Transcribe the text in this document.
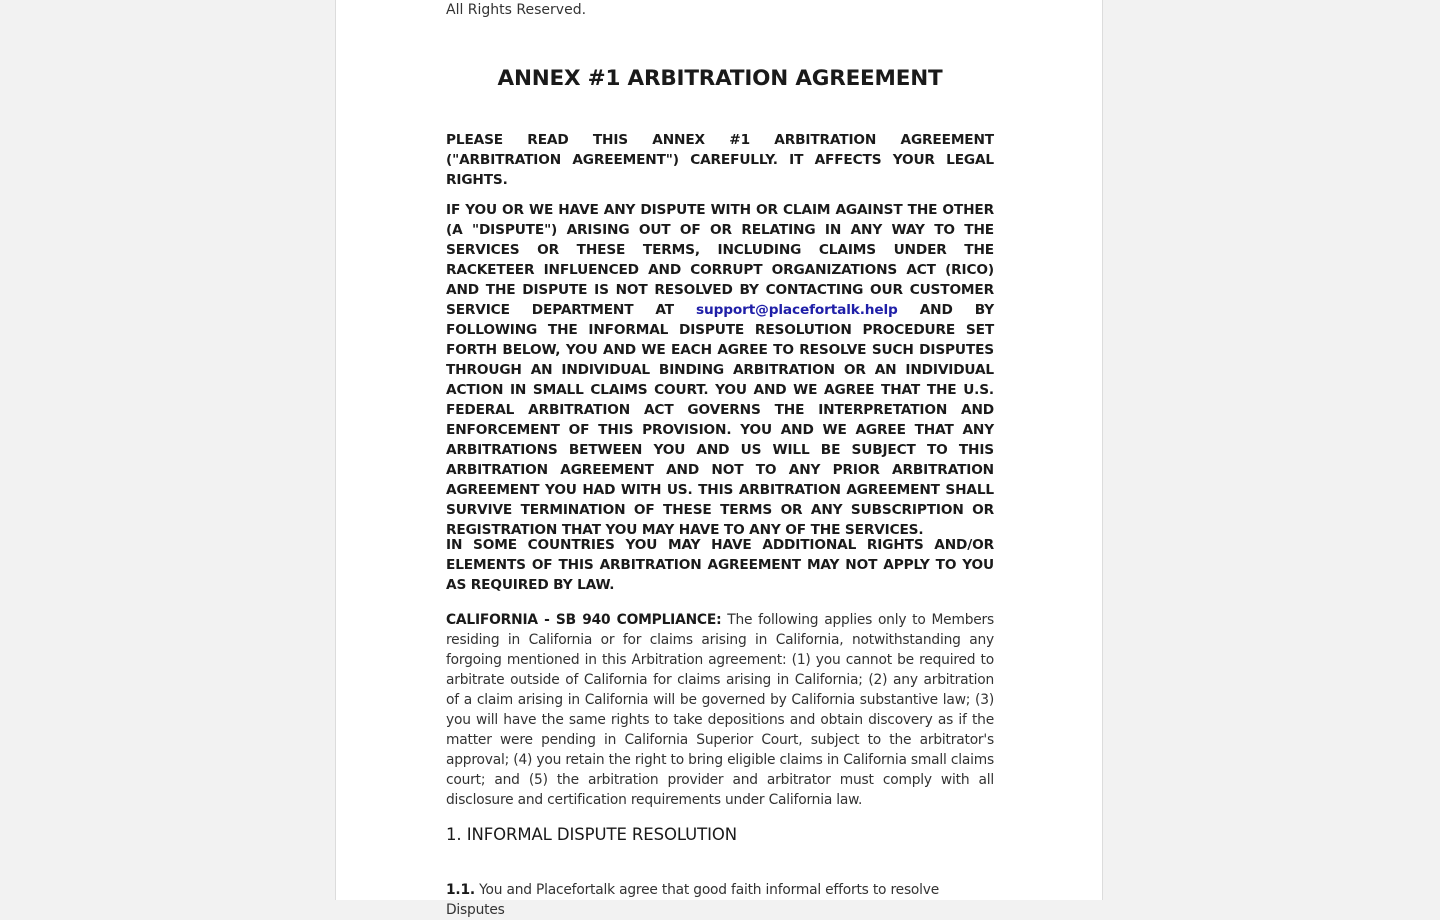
All Rights Reserved.

ANNEX #1 ARBITRATION AGREEMENT

PLEASE READ THIS ANNEX #1 ARBITRATION AGREEMENT ("ARBITRATION AGREEMENT") CAREFULLY. IT AFFECTS YOUR LEGAL RIGHTS.

IF YOU OR WE HAVE ANY DISPUTE WITH OR CLAIM AGAINST THE OTHER (A "DISPUTE") ARISING OUT OF OR RELATING IN ANY WAY TO THE SERVICES OR THESE TERMS, INCLUDING CLAIMS UNDER THE RACKETEER INFLUENCED AND CORRUPT ORGANIZATIONS ACT (RICO) AND THE DISPUTE IS NOT RESOLVED BY CONTACTING OUR CUSTOMER SERVICE DEPARTMENT AT support@placefortalk.help AND BY FOLLOWING THE INFORMAL DISPUTE RESOLUTION PROCEDURE SET FORTH BELOW, YOU AND WE EACH AGREE TO RESOLVE SUCH DISPUTES THROUGH AN INDIVIDUAL BINDING ARBITRATION OR AN INDIVIDUAL ACTION IN SMALL CLAIMS COURT. YOU AND WE AGREE THAT THE U.S. FEDERAL ARBITRATION ACT GOVERNS THE INTERPRETATION AND ENFORCEMENT OF THIS PROVISION. YOU AND WE AGREE THAT ANY ARBITRATIONS BETWEEN YOU AND US WILL BE SUBJECT TO THIS ARBITRATION AGREEMENT AND NOT TO ANY PRIOR ARBITRATION AGREEMENT YOU HAD WITH US. THIS ARBITRATION AGREEMENT SHALL SURVIVE TERMINATION OF THESE TERMS OR ANY SUBSCRIPTION OR REGISTRATION THAT YOU MAY HAVE TO ANY OF THE SERVICES.

IN SOME COUNTRIES YOU MAY HAVE ADDITIONAL RIGHTS AND/OR ELEMENTS OF THIS ARBITRATION AGREEMENT MAY NOT APPLY TO YOU AS REQUIRED BY LAW.

CALIFORNIA - SB 940 COMPLIANCE: The following applies only to Members residing in California or for claims arising in California, notwithstanding any forgoing mentioned in this Arbitration agreement: (1) you cannot be required to arbitrate outside of California for claims arising in California; (2) any arbitration of a claim arising in California will be governed by California substantive law; (3) you will have the same rights to take depositions and obtain discovery as if the matter were pending in California Superior Court, subject to the arbitrator's approval; (4) you retain the right to bring eligible claims in California small claims court; and (5) the arbitration provider and arbitrator must comply with all disclosure and certification requirements under California law.

1. INFORMAL DISPUTE RESOLUTION

1.1. You and Placefortalk agree that good faith informal efforts to resolve Disputes
